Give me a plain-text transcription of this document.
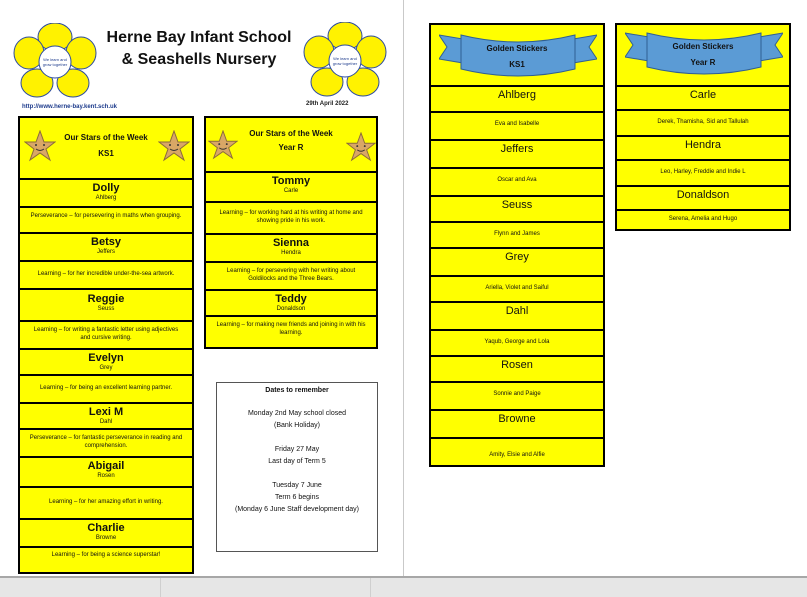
We learn and grow together
We learn and grow together
Herne Bay Infant School
& Seashells Nursery
http://www.herne-bay.kent.sch.uk	29th April 2022
Our Stars of the Week
KS1
Dolly
Ahlberg
Perseverance – for persevering in maths when grouping.
Betsy
Jeffers
Learning – for her incredible under-the-sea artwork.
Reggie
Seuss
Learning – for writing a fantastic letter using adjectives and cursive writing.
Evelyn
Grey
Learning – for being an excellent learning partner.
Lexi M
Dahl
Perseverance – for fantastic perseverance in reading and comprehension.
Abigail
Rosen
Learning – for her amazing effort in writing.
Charlie
Browne
Learning – for being a science superstar!
Our Stars of the Week
Year R
Tommy
Carle
Learning – for working hard at his writing at home and showing pride in his work.
Sienna
Hendra
Learning – for persevering with her writing about Goldilocks and the Three Bears.
Teddy
Donaldson
Learning – for making new friends and joining in with his learning.
Dates to remember
Monday 2nd May school closed
(Bank Holiday)
Friday 27 May
Last day of Term 5
Tuesday 7 June
Term 6 begins
(Monday 6 June Staff development day)
Golden Stickers
KS1
Ahlberg
Eva and Isabelle
Jeffers
Oscar and Ava
Seuss
Flynn and James
Grey
Ariella, Violet and Saiful
Dahl
Yaqub, George and Lola
Rosen
Sonnie and Paige
Browne
Amity, Elsie and Alfie
Golden Stickers
Year R
Carle
Derek, Thamisha, Sid and Tallulah
Hendra
Leo, Harley, Freddie and Indie L
Donaldson
Serena, Amelia and Hugo
